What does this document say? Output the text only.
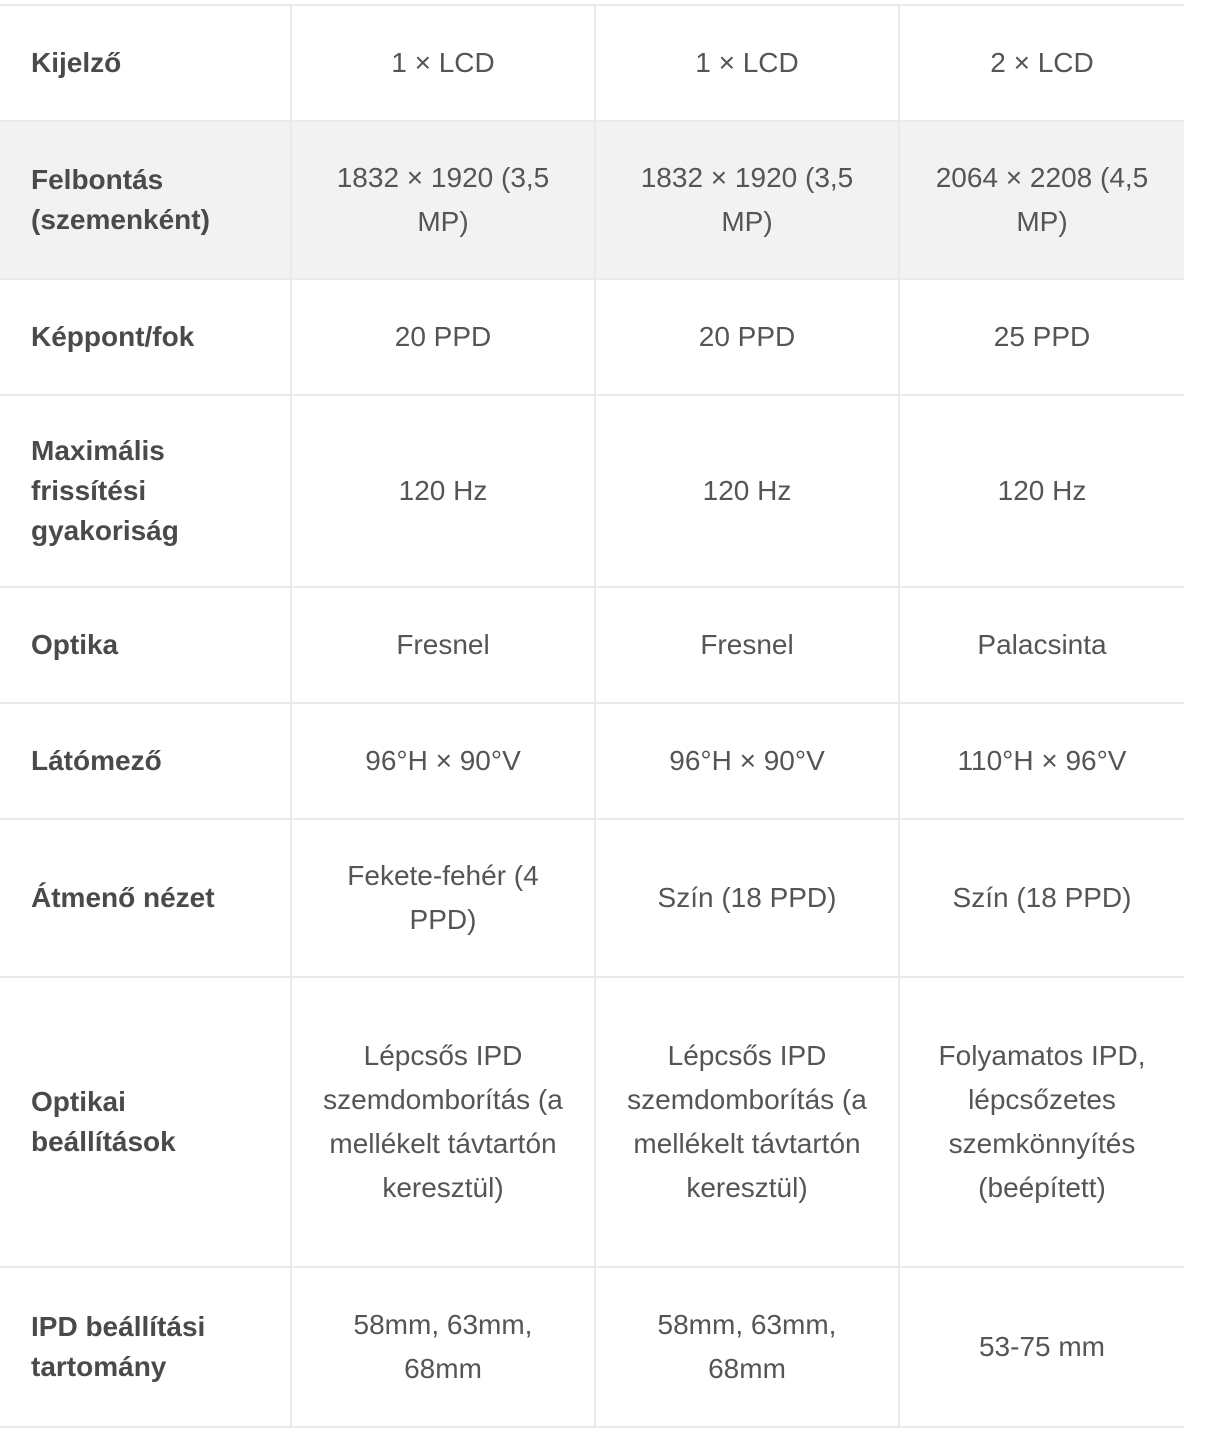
Kijelző	1 × LCD	1 × LCD	2 × LCD
Felbontás (szemenként)	1832 × 1920 (3,5 MP)	1832 × 1920 (3,5 MP)	2064 × 2208 (4,5 MP)
Képpont/fok	20 PPD	20 PPD	25 PPD
Maximális frissítési gyakoriság	120 Hz	120 Hz	120 Hz
Optika	Fresnel	Fresnel	Palacsinta
Látómező	96°H × 90°V	96°H × 90°V	110°H × 96°V
Átmenő nézet	Fekete-fehér (4 PPD)	Szín (18 PPD)	Szín (18 PPD)
Optikai beállítások	Lépcsős IPD szemdomborítás (a mellékelt távtartón keresztül)	Lépcsős IPD szemdomborítás (a mellékelt távtartón keresztül)	Folyamatos IPD, lépcsőzetes szemkönnyítés (beépített)
IPD beállítási tartomány	58mm, 63mm, 68mm	58mm, 63mm, 68mm	53-75 mm
